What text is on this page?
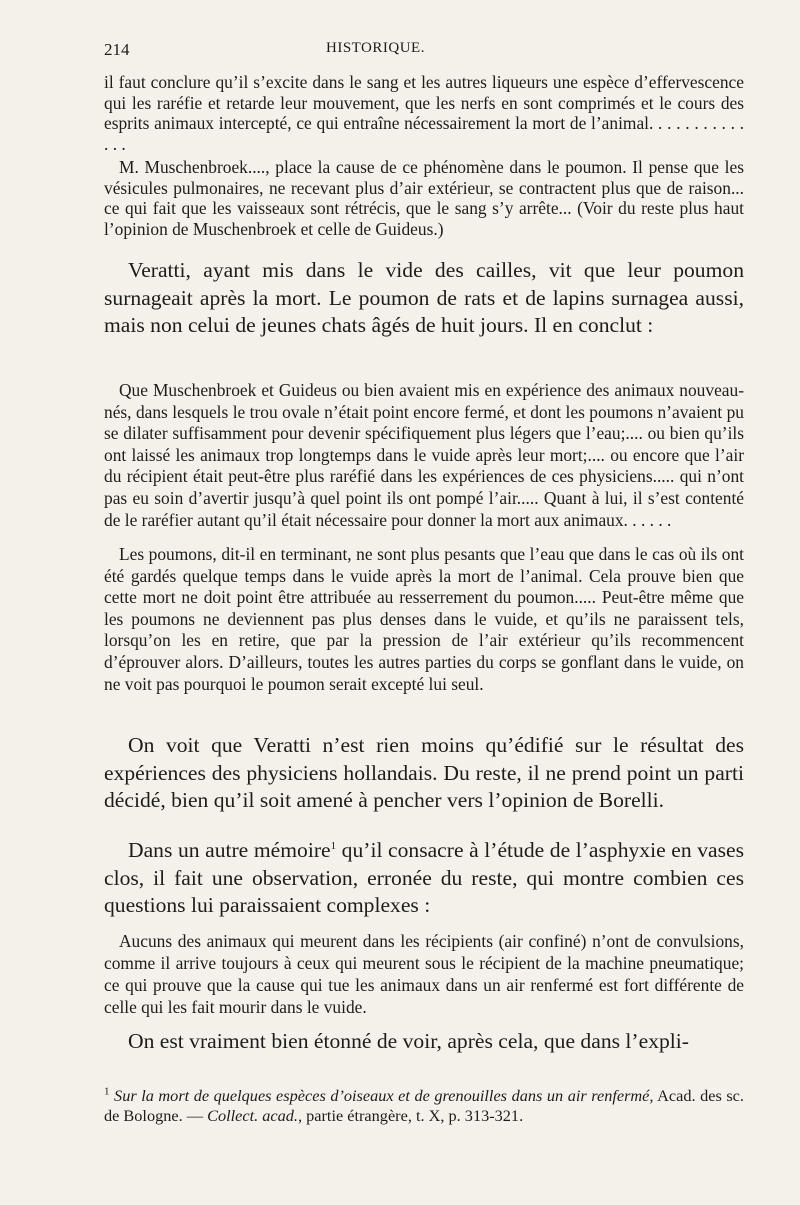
214	HISTORIQUE.

il faut conclure qu’il s’excite dans le sang et les autres liqueurs une espèce d’effervescence qui les raréfie et retarde leur mouvement, que les nerfs en sont comprimés et le cours des esprits animaux intercepté, ce qui entraîne nécessairement la mort de l’animal. . . . . . . . . . . . . .

M. Muschenbroek...., place la cause de ce phénomène dans le poumon. Il pense que les vésicules pulmonaires, ne recevant plus d’air extérieur, se contractent plus que de raison... ce qui fait que les vaisseaux sont rétrécis, que le sang s’y arrête... (Voir du reste plus haut l’opinion de Muschenbroek et celle de Guideus.)

Veratti, ayant mis dans le vide des cailles, vit que leur poumon surnageait après la mort. Le poumon de rats et de lapins surnagea aussi, mais non celui de jeunes chats âgés de huit jours. Il en conclut :

Que Muschenbroek et Guideus ou bien avaient mis en expérience des animaux nouveau-nés, dans lesquels le trou ovale n’était point encore fermé, et dont les poumons n’avaient pu se dilater suffisamment pour devenir spécifiquement plus légers que l’eau;.... ou bien qu’ils ont laissé les animaux trop longtemps dans le vuide après leur mort;.... ou encore que l’air du récipient était peut-être plus raréfié dans les expériences de ces physiciens..... qui n’ont pas eu soin d’avertir jusqu’à quel point ils ont pompé l’air..... Quant à lui, il s’est contenté de le raréfier autant qu’il était nécessaire pour donner la mort aux animaux. . . . . .

Les poumons, dit-il en terminant, ne sont plus pesants que l’eau que dans le cas où ils ont été gardés quelque temps dans le vuide après la mort de l’animal. Cela prouve bien que cette mort ne doit point être attribuée au resserrement du poumon..... Peut-être même que les poumons ne deviennent pas plus denses dans le vuide, et qu’ils ne paraissent tels, lorsqu’on les en retire, que par la pression de l’air extérieur qu’ils recommencent d’éprouver alors. D’ailleurs, toutes les autres parties du corps se gonflant dans le vuide, on ne voit pas pourquoi le poumon serait excepté lui seul.

On voit que Veratti n’est rien moins qu’édifié sur le résultat des expériences des physiciens hollandais. Du reste, il ne prend point un parti décidé, bien qu’il soit amené à pencher vers l’opinion de Borelli.

Dans un autre mémoire$^1$ qu’il consacre à l’étude de l’asphyxie en vases clos, il fait une observation, erronée du reste, qui montre combien ces questions lui paraissaient complexes :

Aucuns des animaux qui meurent dans les récipients (air confiné) n’ont de convulsions, comme il arrive toujours à ceux qui meurent sous le récipient de la machine pneumatique; ce qui prouve que la cause qui tue les animaux dans un air renfermé est fort différente de celle qui les fait mourir dans le vuide.

On est vraiment bien étonné de voir, après cela, que dans l’expli-

$^1$ Sur la mort de quelques espèces d’oiseaux et de grenouilles dans un air renfermé, Acad. des sc. de Bologne. — Collect. acad., partie étrangère, t. X, p. 313-321.
